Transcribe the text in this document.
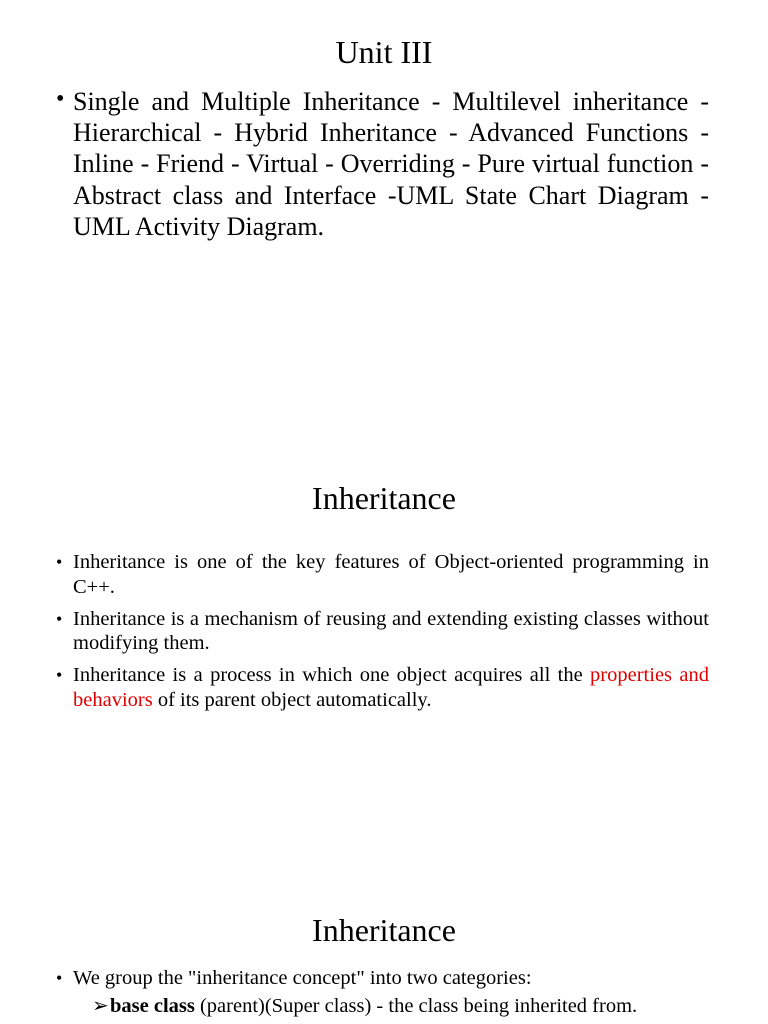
Unit III
• Single and Multiple Inheritance - Multilevel inheritance - Hierarchical - Hybrid Inheritance - Advanced Functions - Inline - Friend - Virtual - Overriding - Pure virtual function -Abstract class and Interface -UML State Chart Diagram - UML Activity Diagram.
Inheritance
• Inheritance is one of the key features of Object-oriented programming in C++.
• Inheritance is a mechanism of reusing and extending existing classes without modifying them.
• Inheritance is a process in which one object acquires all the properties and behaviors of its parent object automatically.
Inheritance
• We group the "inheritance concept" into two categories:
➢ base class (parent)(Super class) - the class being inherited from.
